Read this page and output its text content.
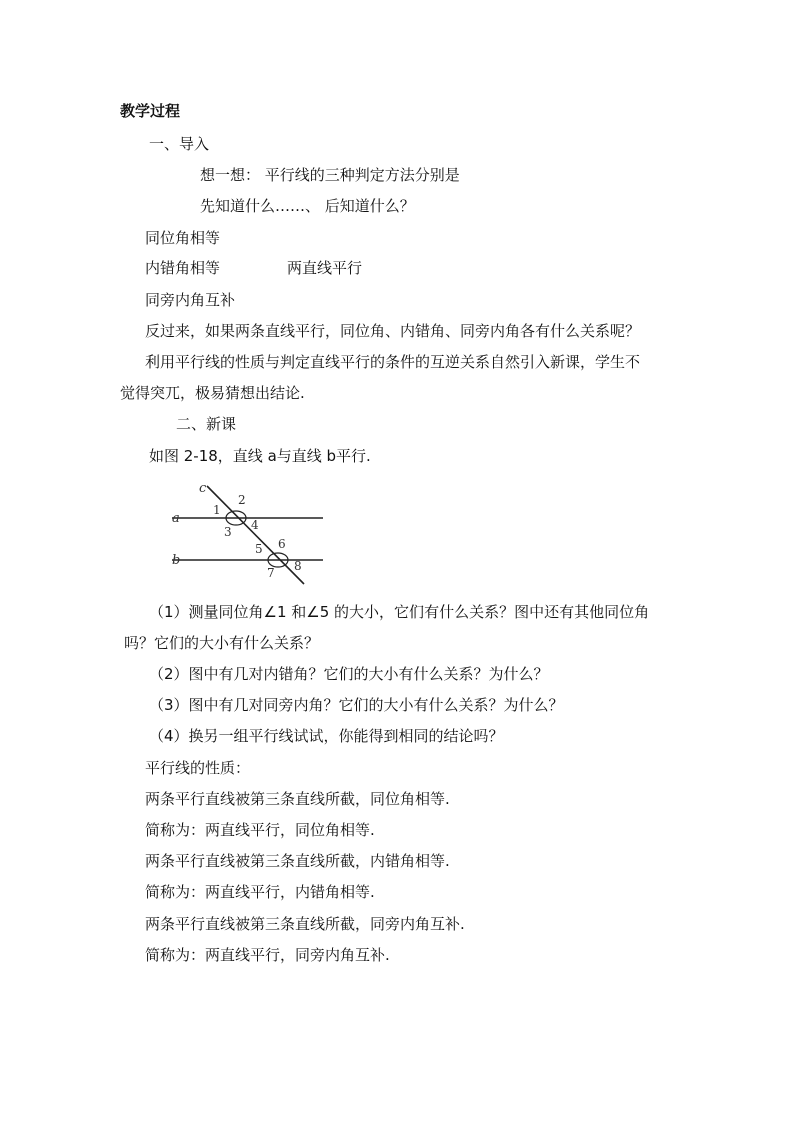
教学过程
一、导入
想一想： 平行线的三种判定方法分别是
先知道什么……、 后知道什么？
同位角相等
内错角相等	两直线平行
同旁内角互补
反过来，如果两条直线平行，同位角、内错角、同旁内角各有什么关系呢？
利用平行线的性质与判定直线平行的条件的互逆关系自然引入新课，学生不
觉得突兀，极易猜想出结论.
二、新课
如图 2-18，直线 a与直线 b平行.
c
a
b
1
2
3 4
5 6
7 8
（1）测量同位角∠1 和∠5 的大小，它们有什么关系？图中还有其他同位角
吗？它们的大小有什么关系？
（2）图中有几对内错角？它们的大小有什么关系？为什么？
（3）图中有几对同旁内角？它们的大小有什么关系？为什么？
（4）换另一组平行线试试，你能得到相同的结论吗？
平行线的性质：
两条平行直线被第三条直线所截，同位角相等.
简称为：两直线平行，同位角相等.
两条平行直线被第三条直线所截，内错角相等.
简称为：两直线平行，内错角相等.
两条平行直线被第三条直线所截，同旁内角互补.
简称为：两直线平行，同旁内角互补.
